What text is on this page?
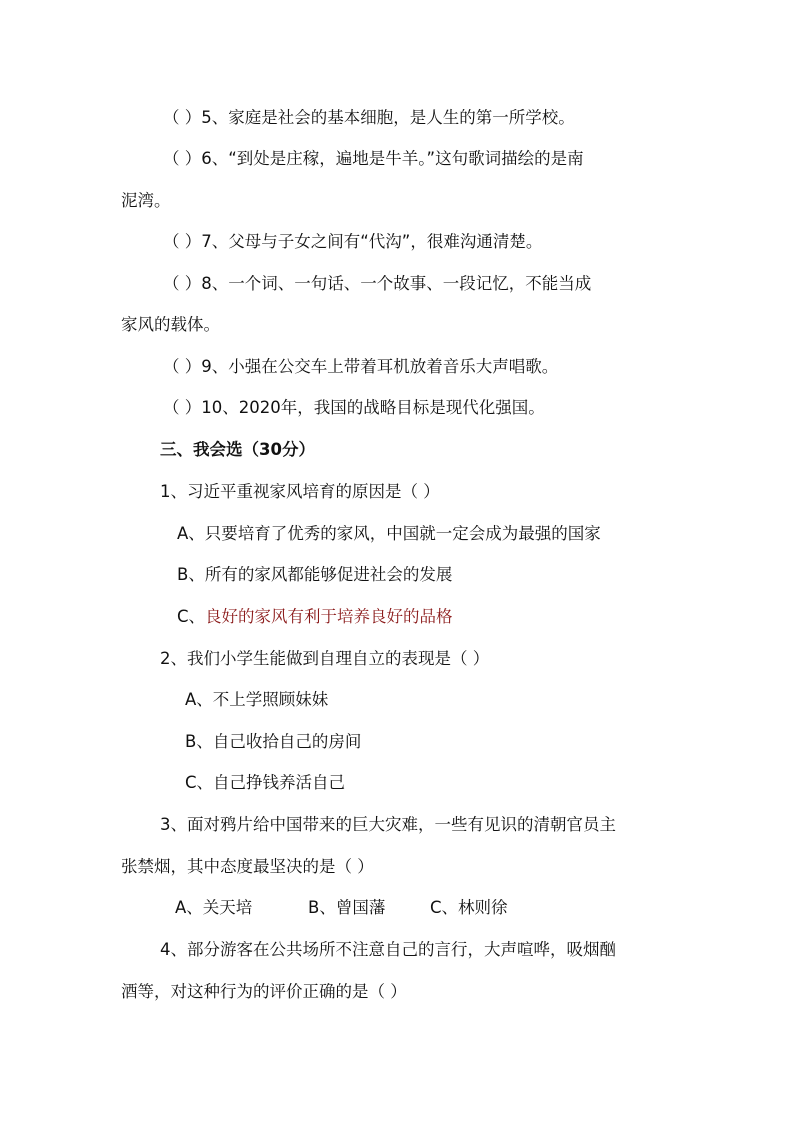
（ ）5、家庭是社会的基本细胞，是人生的第一所学校。
（ ）6、“到处是庄稼，遍地是牛羊。”这句歌词描绘的是南
泥湾。
（ ）7、父母与子女之间有“代沟”，很难沟通清楚。
（ ）8、一个词、一句话、一个故事、一段记忆，不能当成
家风的载体。
（ ）9、小强在公交车上带着耳机放着音乐大声唱歌。
（ ）10、2020年，我国的战略目标是现代化强国。
三、我会选（30分）
1、习近平重视家风培育的原因是（ ）
A、只要培育了优秀的家风，中国就一定会成为最强的国家
B、所有的家风都能够促进社会的发展
C、良好的家风有利于培养良好的品格
2、我们小学生能做到自理自立的表现是（ ）
A、不上学照顾妹妹
B、自己收拾自己的房间
C、自己挣钱养活自己
3、面对鸦片给中国带来的巨大灾难，一些有见识的清朝官员主
张禁烟，其中态度最坚决的是（ ）
A、关天培	B、曾国藩	C、林则徐
4、部分游客在公共场所不注意自己的言行，大声喧哗，吸烟酗
酒等，对这种行为的评价正确的是（ ）
